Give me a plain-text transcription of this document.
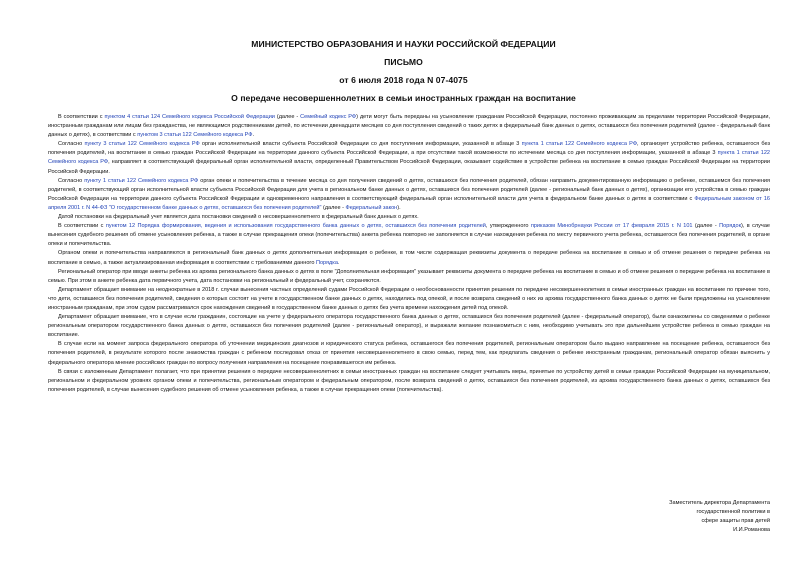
МИНИСТЕРСТВО ОБРАЗОВАНИЯ И НАУКИ РОССИЙСКОЙ ФЕДЕРАЦИИ
ПИСЬМО
от 6 июля 2018 года N 07-4075
О передаче несовершеннолетних в семьи иностранных граждан на воспитание

В соответствии с пунктом 4 статьи 124 Семейного кодекса Российской Федерации (далее - Семейный кодекс РФ) дети могут быть переданы на усыновление гражданам Российской Федерации, постоянно проживающим за пределами территории Российской Федерации, иностранным гражданам или лицам без гражданства, не являющимся родственниками детей, по истечении двенадцати месяцев со дня поступления сведений о таких детях в федеральный банк данных о детях, оставшихся без попечения родителей (далее - федеральный банк данных о детях), в соответствии с пунктом 3 статьи 122 Семейного кодекса РФ.

Согласно пункту 3 статьи 122 Семейного кодекса РФ орган исполнительной власти субъекта Российской Федерации со дня поступления информации, указанной в абзаце 3 пункта 1 статьи 122 Семейного кодекса РФ, организует устройство ребенка, оставшегося без попечения родителей, на воспитание в семью граждан Российской Федерации на территории данного субъекта Российской Федерации, а при отсутствии такой возможности по истечении месяца со дня поступления информации, указанной в абзаце 3 пункта 1 статьи 122 Семейного кодекса РФ, направляет в соответствующий федеральный орган исполнительной власти, определенный Правительством Российской Федерации, оказывает содействие в устройстве ребенка на воспитание в семью граждан Российской Федерации на территории Российской Федерации.

Согласно пункту 1 статьи 122 Семейного кодекса РФ орган опеки и попечительства в течение месяца со дня получения сведений о детях, оставшихся без попечения родителей, обязан направить документированную информацию о ребенке, оставшемся без попечения родителей, в соответствующий орган исполнительной власти субъекта Российской Федерации для учета в региональном банке данных о детях, оставшихся без попечения родителей (далее - региональный банк данных о детях), организации его устройства в семью граждан Российской Федерации на территории данного субъекта Российской Федерации и одновременного направления в соответствующий федеральный орган исполнительной власти для учета в федеральном банке данных о детях в соответствии с Федеральным законом от 16 апреля 2001 г. N 44-ФЗ "О государственном банке данных о детях, оставшихся без попечения родителей" (далее - Федеральный закон).

Датой постановки на федеральный учет является дата постановки сведений о несовершеннолетнего в федеральный банк данных о детях.

В соответствии с пунктом 12 Порядка формирования, ведения и использования государственного банка данных о детях, оставшихся без попечения родителей, утвержденного приказом Минобрнауки России от 17 февраля 2015 г. N 101 (далее - Порядок), в случае вынесения судебного решения об отмене усыновления ребенка, а также в случае прекращения опеки (попечительства) анкета ребенка повторно не заполняется в случае нахождения ребенка по месту первичного учета ребенка, оставшегося без попечения родителей, в органе опеки и попечительства.

Органом опеки и попечительства направляются в региональный банк данных о детях дополнительная информация о ребенке, в том числе содержащая реквизиты документа о передаче ребенка на воспитание в семью и об отмене решения о передаче ребенка на воспитание в семью, а также актуализированная информация в соответствии с требованиями данного Порядка.

Региональный оператор при вводе анкеты ребенка из архива регионального банка данных о детях в поле "Дополнительная информация" указывает реквизиты документа о передаче ребенка на воспитание в семью и об отмене решения о передаче ребенка на воспитание в семью. При этом в анкете ребенка дата первичного учета, дата постановки на региональный и федеральный учет, сохраняются.

Департамент обращает внимание на неоднократные в 2018 г. случаи вынесения частных определений судами Российской Федерации о необоснованности принятия решения по передаче несовершеннолетних в семьи иностранных граждан на воспитание по причине того, что дети, оставшиеся без попечения родителей, сведения о которых состоят на учете в государственном банке данных о детях, находились под опекой, и после возврата сведений о них из архива государственного банка данных о детях не были предложены на усыновление иностранным гражданам, при этом судом рассматривался срок нахождения сведений в государственном банке данных о детях без учета времени нахождения детей под опекой.

Департамент обращает внимание, что в случае если гражданин, состоящие на учете у федерального оператора государственного банка данных о детях, оставшихся без попечения родителей (далее - федеральный оператор), были ознакомлены со сведениями о ребенке региональным оператором государственного банка данных о детях, оставшихся без попечения родителей (далее - региональный оператор), и выражали желание познакомиться с ним, необходимо учитывать это при дальнейшем устройстве ребенка в семью граждан на воспитание.

В случае если на момент запроса федерального оператора об уточнении медицинских диагнозов и юридического статуса ребенка, оставшегося без попечения родителей, региональным оператором было выдано направление на посещение ребенка, оставшегося без попечения родителей, в результате которого после знакомства граждан с ребенком последовал отказ от принятия несовершеннолетнего в свою семью, перед тем, как предлагать сведения о ребенке иностранным гражданам, региональный оператор обязан выяснить у федерального оператора мнение российских граждан по вопросу получения направления на посещение понравившегося им ребенка.

В связи с изложенным Департамент полагает, что при принятии решения о передаче несовершеннолетних в семьи иностранных граждан на воспитание следует учитывать меры, принятые по устройству детей в семьи граждан Российской Федерации на муниципальном, региональном и федеральном уровнях органом опеки и попечительства, региональным оператором и федеральным оператором, после возврата сведений о детях, оставшихся без попечения родителей, из архива государственного банка данных о детях, оставшихся без попечения родителей, в случае вынесения судебного решения об отмене усыновления ребенка, а также в случае прекращения опеки (попечительства).

Заместитель директора Департамента
государственной политики в
сфере защиты прав детей
И.И.Романова
